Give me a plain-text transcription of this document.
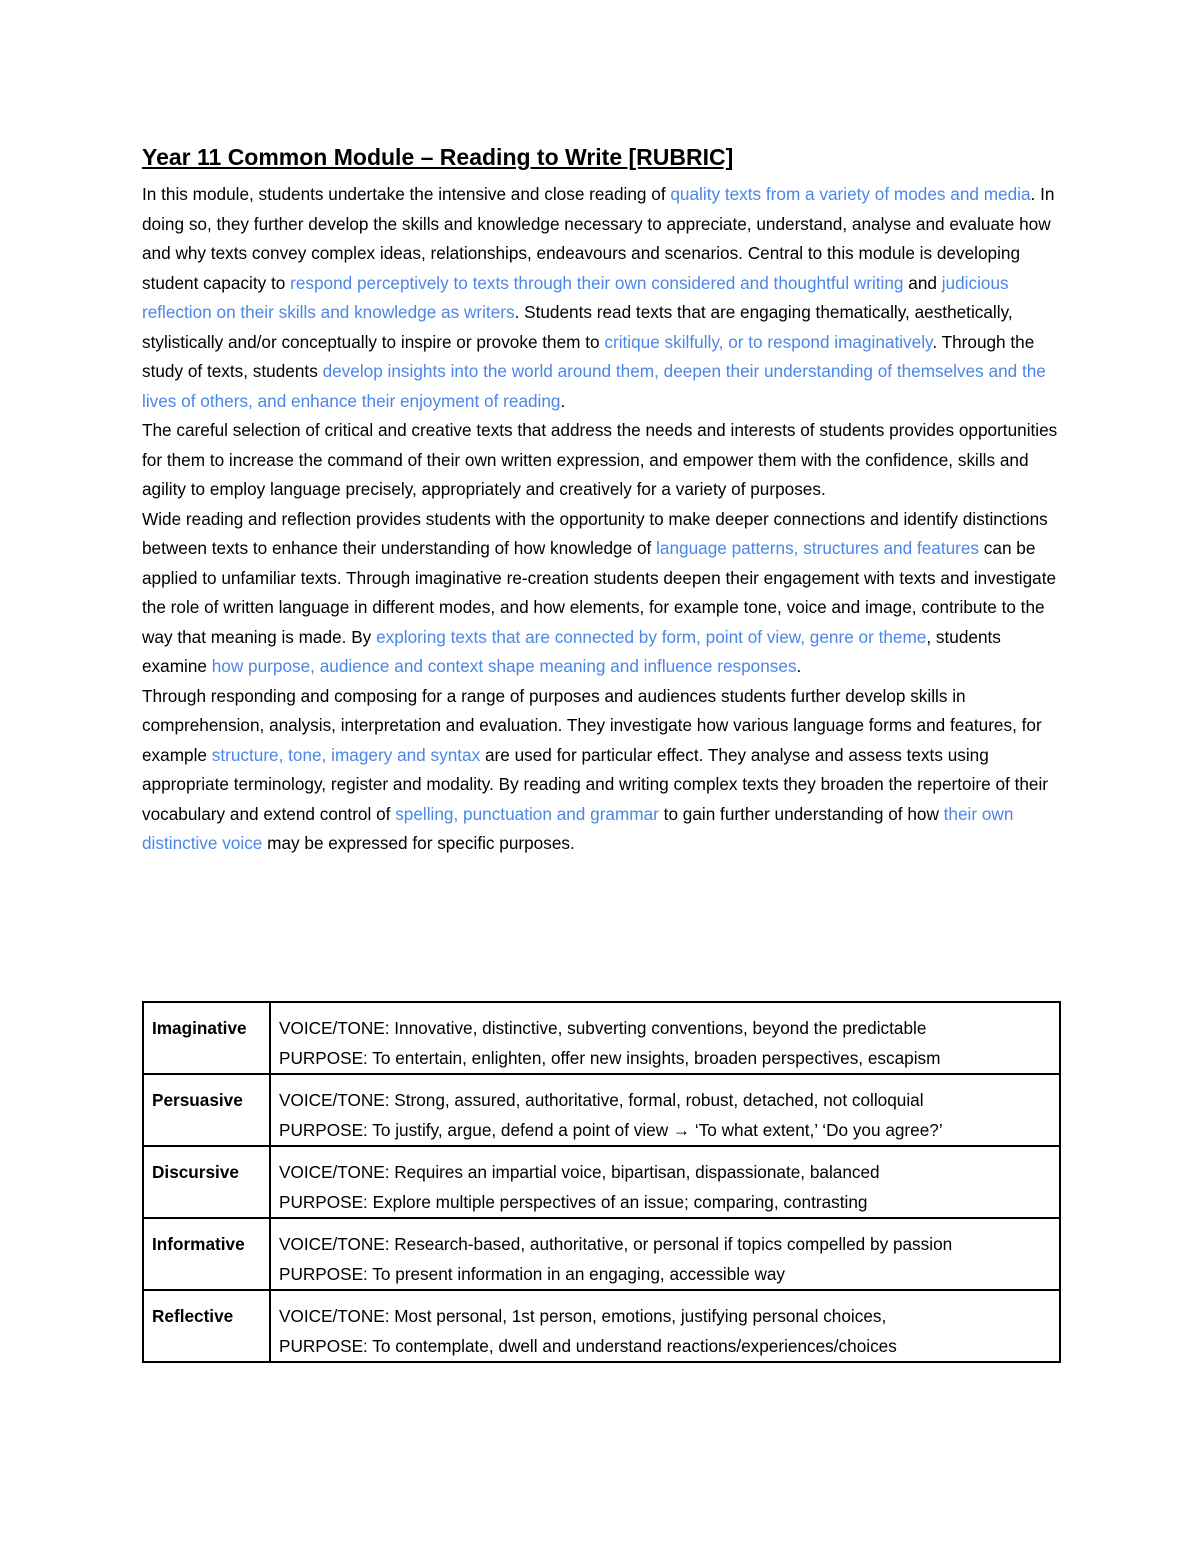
Year 11 Common Module – Reading to Write [RUBRIC]

In this module, students undertake the intensive and close reading of quality texts from a variety of modes and media. In doing so, they further develop the skills and knowledge necessary to appreciate, understand, analyse and evaluate how and why texts convey complex ideas, relationships, endeavours and scenarios. Central to this module is developing student capacity to respond perceptively to texts through their own considered and thoughtful writing and judicious reflection on their skills and knowledge as writers. Students read texts that are engaging thematically, aesthetically, stylistically and/or conceptually to inspire or provoke them to critique skilfully, or to respond imaginatively. Through the study of texts, students develop insights into the world around them, deepen their understanding of themselves and the lives of others, and enhance their enjoyment of reading.

The careful selection of critical and creative texts that address the needs and interests of students provides opportunities for them to increase the command of their own written expression, and empower them with the confidence, skills and agility to employ language precisely, appropriately and creatively for a variety of purposes.

Wide reading and reflection provides students with the opportunity to make deeper connections and identify distinctions between texts to enhance their understanding of how knowledge of language patterns, structures and features can be applied to unfamiliar texts. Through imaginative re-creation students deepen their engagement with texts and investigate the role of written language in different modes, and how elements, for example tone, voice and image, contribute to the way that meaning is made. By exploring texts that are connected by form, point of view, genre or theme, students examine how purpose, audience and context shape meaning and influence responses.

Through responding and composing for a range of purposes and audiences students further develop skills in comprehension, analysis, interpretation and evaluation. They investigate how various language forms and features, for example structure, tone, imagery and syntax are used for particular effect. They analyse and assess texts using appropriate terminology, register and modality. By reading and writing complex texts they broaden the repertoire of their vocabulary and extend control of spelling, punctuation and grammar to gain further understanding of how their own distinctive voice may be expressed for specific purposes.

Imaginative	VOICE/TONE: Innovative, distinctive, subverting conventions, beyond the predictable
PURPOSE: To entertain, enlighten, offer new insights, broaden perspectives, escapism

Persuasive	VOICE/TONE: Strong, assured, authoritative, formal, robust, detached, not colloquial
PURPOSE: To justify, argue, defend a point of view → ‘To what extent,’ ‘Do you agree?’

Discursive	VOICE/TONE: Requires an impartial voice, bipartisan, dispassionate, balanced
PURPOSE: Explore multiple perspectives of an issue; comparing, contrasting

Informative	VOICE/TONE: Research-based, authoritative, or personal if topics compelled by passion
PURPOSE: To present information in an engaging, accessible way

Reflective	VOICE/TONE: Most personal, 1st person, emotions, justifying personal choices,
PURPOSE: To contemplate, dwell and understand reactions/experiences/choices
